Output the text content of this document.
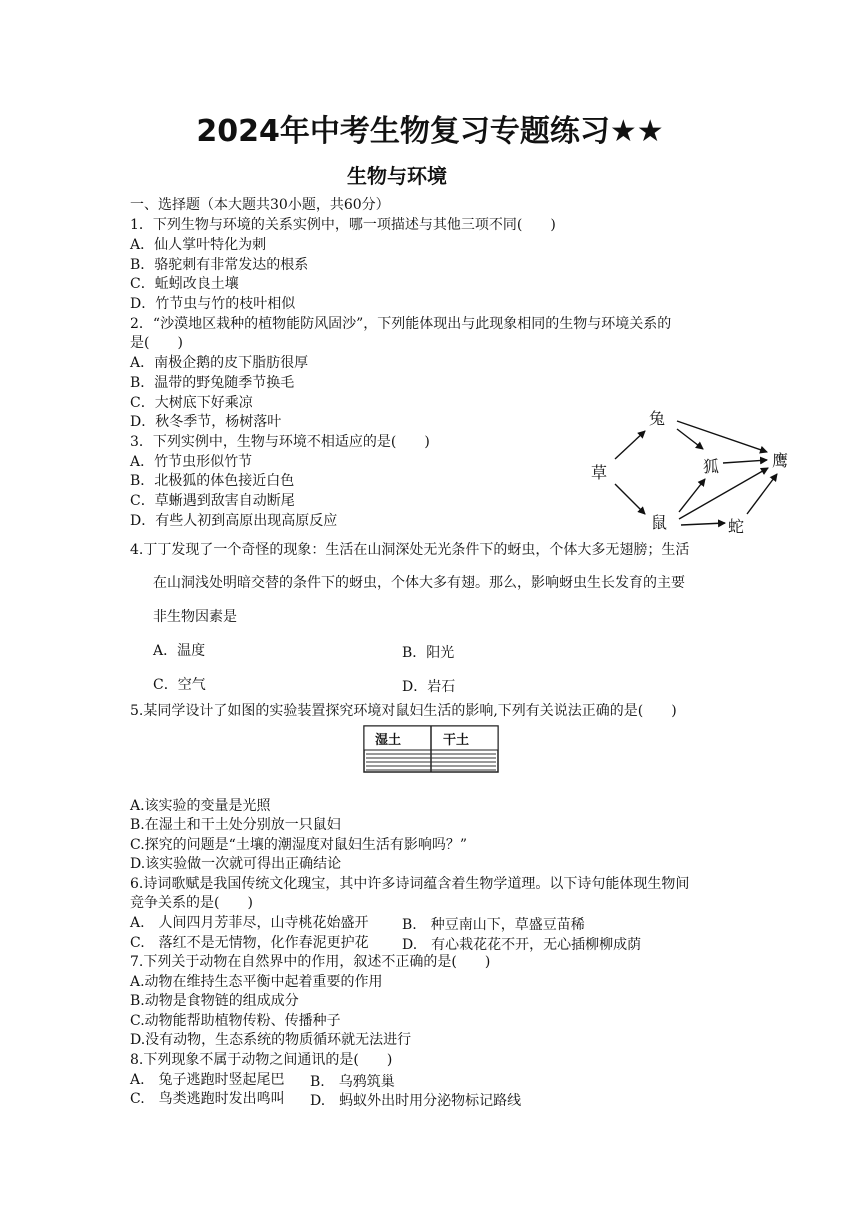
2024年中考生物复习专题练习★★
生物与环境
一、选择题（本大题共30小题，共60分）
1．下列生物与环境的关系实例中，哪一项描述与其他三项不同(　　)
A．仙人掌叶特化为刺
B．骆驼刺有非常发达的根系
C．蚯蚓改良土壤
D．竹节虫与竹的枝叶相似
2．“沙漠地区栽种的植物能防风固沙”，下列能体现出与此现象相同的生物与环境关系的
是(　　)
A．南极企鹅的皮下脂肪很厚
B．温带的野兔随季节换毛
C．大树底下好乘凉
D．秋冬季节，杨树落叶
3．下列实例中，生物与环境不相适应的是(　　)
A．竹节虫形似竹节
B．北极狐的体色接近白色
C．草蜥遇到敌害自动断尾
D．有些人初到高原出现高原反应
兔
草	狐	鹰
鼠	蛇
4.丁丁发现了一个奇怪的现象：生活在山洞深处无光条件下的蚜虫，个体大多无翅膀；生活
在山洞浅处明暗交替的条件下的蚜虫，个体大多有翅。那么，影响蚜虫生长发育的主要
非生物因素是
A．温度	B．阳光
C．空气	D．岩石
5.某同学设计了如图的实验装置探究环境对鼠妇生活的影响,下列有关说法正确的是(　　)
湿土	干土
A.该实验的变量是光照
B.在湿土和干土处分别放一只鼠妇
C.探究的问题是“土壤的潮湿度对鼠妇生活有影响吗？”
D.该实验做一次就可得出正确结论
6.诗词歌赋是我国传统文化瑰宝，其中许多诗词蕴含着生物学道理。以下诗句能体现生物间
竞争关系的是(　　)
A.　人间四月芳菲尽，山寺桃花始盛开 B.　种豆南山下，草盛豆苗稀
C.　落红不是无情物，化作春泥更护花 D.　有心栽花花不开，无心插柳柳成荫
7.下列关于动物在自然界中的作用，叙述不正确的是(　　)
A.动物在维持生态平衡中起着重要的作用
B.动物是食物链的组成成分
C.动物能帮助植物传粉、传播种子
D.没有动物，生态系统的物质循环就无法进行
8.下列现象不属于动物之间通讯的是(　　)
A.　兔子逃跑时竖起尾巴 B.　乌鸦筑巢
C.　鸟类逃跑时发出鸣叫 D.　蚂蚁外出时用分泌物标记路线
